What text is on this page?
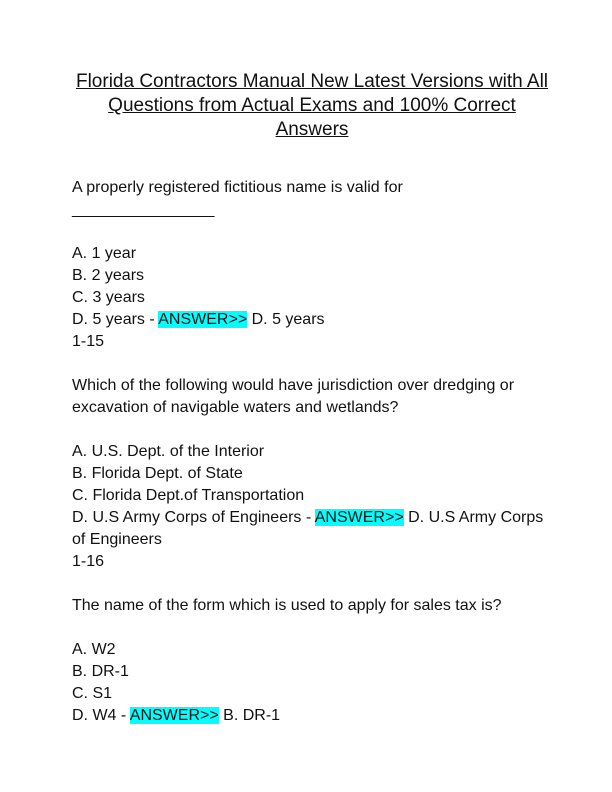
Florida Contractors Manual New Latest Versions with All
Questions from Actual Exams and 100% Correct Answers
A properly registered fictitious name is valid for
________________
A. 1 year
B. 2 years
C. 3 years
D. 5 years - ANSWER>> D. 5 years
1-15
Which of the following would have jurisdiction over dredging or
excavation of navigable waters and wetlands?
A. U.S. Dept. of the Interior
B. Florida Dept. of State
C. Florida Dept.of Transportation
D. U.S Army Corps of Engineers - ANSWER>> D. U.S Army Corps of Engineers
1-16
The name of the form which is used to apply for sales tax is?
A. W2
B. DR-1
C. S1
D. W4 - ANSWER>> B. DR-1
